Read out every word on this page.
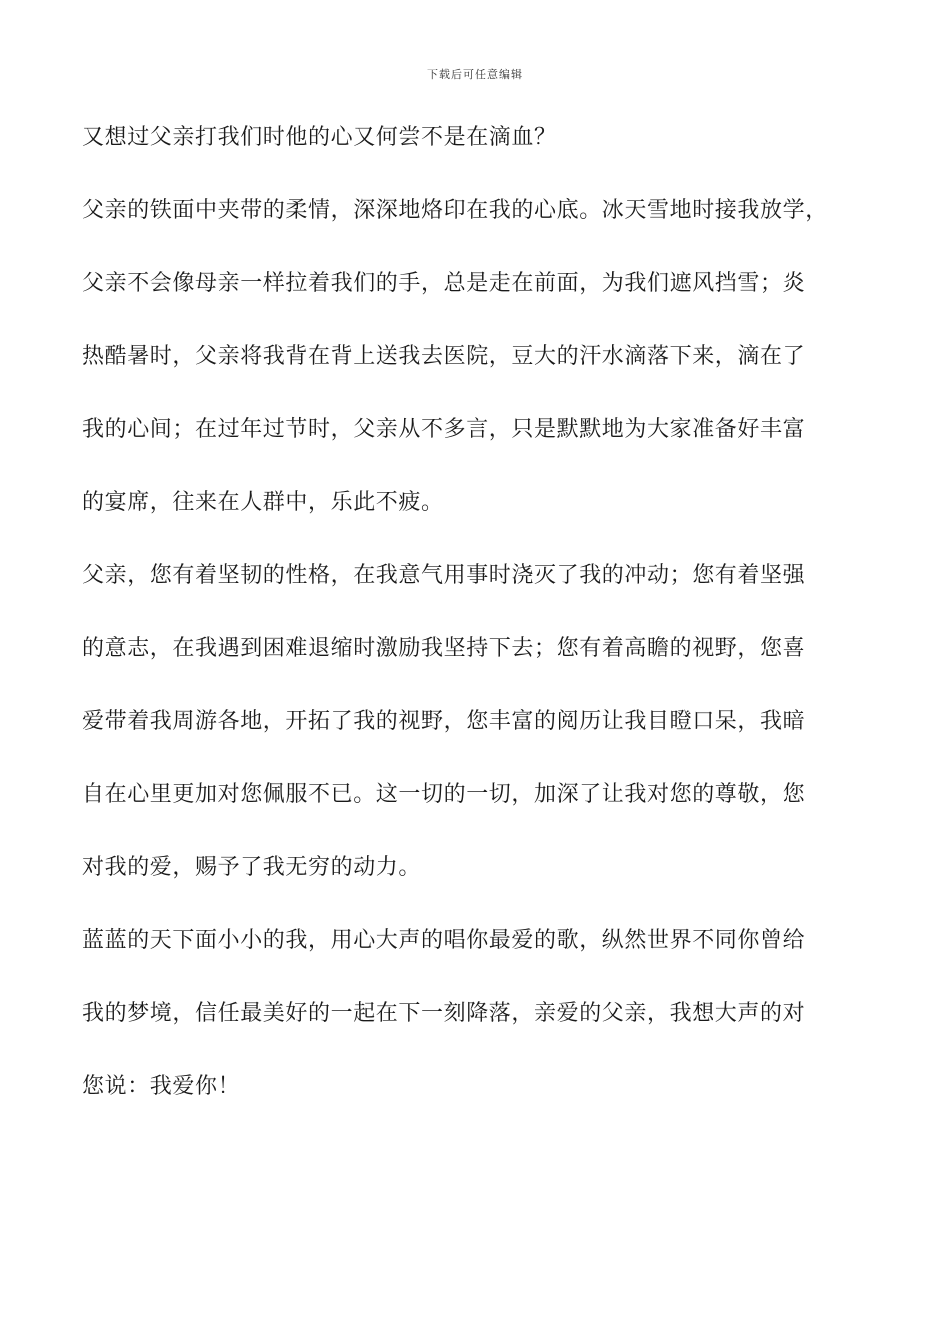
下载后可任意编辑
又想过父亲打我们时他的心又何尝不是在滴血？
父亲的铁面中夹带的柔情，深深地烙印在我的心底。冰天雪地时接我放学，
父亲不会像母亲一样拉着我们的手，总是走在前面，为我们遮风挡雪；炎
热酷暑时，父亲将我背在背上送我去医院，豆大的汗水滴落下来，滴在了
我的心间；在过年过节时，父亲从不多言，只是默默地为大家准备好丰富
的宴席，往来在人群中，乐此不疲。
父亲，您有着坚韧的性格，在我意气用事时浇灭了我的冲动；您有着坚强
的意志，在我遇到困难退缩时激励我坚持下去；您有着高瞻的视野，您喜
爱带着我周游各地，开拓了我的视野，您丰富的阅历让我目瞪口呆，我暗
自在心里更加对您佩服不已。这一切的一切，加深了让我对您的尊敬，您
对我的爱，赐予了我无穷的动力。
蓝蓝的天下面小小的我，用心大声的唱你最爱的歌，纵然世界不同你曾给
我的梦境，信任最美好的一起在下一刻降落，亲爱的父亲，我想大声的对
您说：我爱你！
